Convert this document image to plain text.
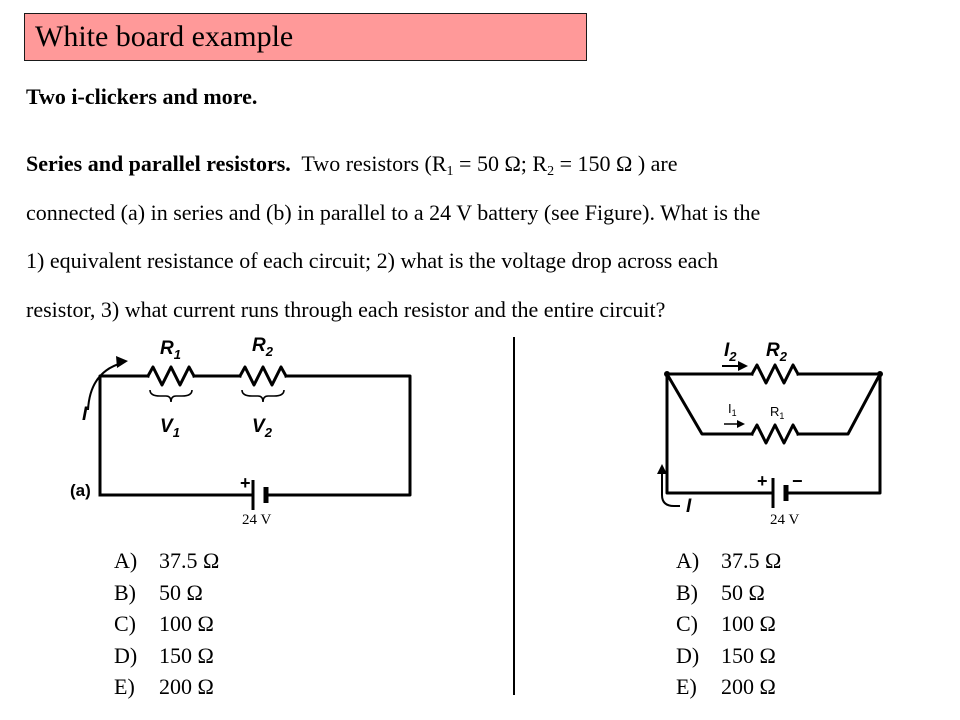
White board example
Two i-clickers and more.
Series and parallel resistors. Two resistors ($R_1 = 50$ Ω; $R_2 = 150$ Ω ) are
connected (a) in series and (b) in parallel to a 24 V battery (see Figure). What is the
1) equivalent resistance of each circuit; 2) what is the voltage drop across each
resistor, 3) what current runs through each resistor and the entire circuit?
$R_1$	$R_2$
$V_1$	$V_2$
I
(a)	+
24 V
$I_2$ $R_2$
$I_1$	$R_1$
I
+ −
24 V
A) 37.5 Ω
B)	50 Ω
C)	100 Ω
D) 150 Ω
E)	200 Ω
A) 37.5 Ω
B)	50 Ω
C)	100 Ω
D) 150 Ω
E)	200 Ω
